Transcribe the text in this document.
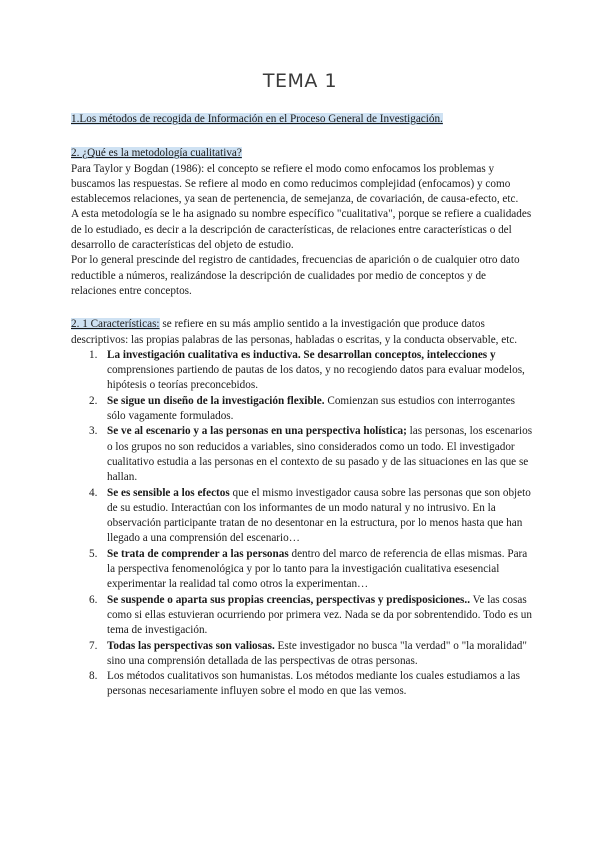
TEMA 1

1.Los métodos de recogida de Información en el Proceso General de Investigación.

2. ¿Qué es la metodología cualitativa?

Para Taylor y Bogdan (1986): el concepto se refiere el modo como enfocamos los problemas y buscamos las respuestas. Se refiere al modo en como reducimos complejidad (enfocamos) y como establecemos relaciones, ya sean de pertenencia, de semejanza, de covariación, de causa-efecto, etc.

A esta metodología se le ha asignado su nombre específico "cualitativa", porque se refiere a cualidades de lo estudiado, es decir a la descripción de características, de relaciones entre características o del desarrollo de características del objeto de estudio.

Por lo general prescinde del registro de cantidades, frecuencias de aparición o de cualquier otro dato reductible a números, realizándose la descripción de cualidades por medio de conceptos y de relaciones entre conceptos.

2. 1 Características: se refiere en su más amplio sentido a la investigación que produce datos descriptivos: las propias palabras de las personas, habladas o escritas, y la conducta observable, etc.

1. La investigación cualitativa es inductiva. Se desarrollan conceptos, intelecciones y comprensiones partiendo de pautas de los datos, y no recogiendo datos para evaluar modelos, hipótesis o teorías preconcebidos.
2. Se sigue un diseño de la investigación flexible. Comienzan sus estudios con interrogantes sólo vagamente formulados.
3. Se ve al escenario y a las personas en una perspectiva holística; las personas, los escenarios o los grupos no son reducidos a variables, sino considerados como un todo. El investigador cualitativo estudia a las personas en el contexto de su pasado y de las situaciones en las que se hallan.
4. Se es sensible a los efectos que el mismo investigador causa sobre las personas que son objeto de su estudio. Interactúan con los informantes de un modo natural y no intrusivo. En la observación participante tratan de no desentonar en la estructura, por lo menos hasta que han llegado a una comprensión del escenario…
5. Se trata de comprender a las personas dentro del marco de referencia de ellas mismas. Para la perspectiva fenomenológica y por lo tanto para la investigación cualitativa esesencial experimentar la realidad tal como otros la experimentan…
6. Se suspende o aparta sus propias creencias, perspectivas y predisposiciones.. Ve las cosas como si ellas estuvieran ocurriendo por primera vez. Nada se da por sobrentendido. Todo es un tema de investigación.
7. Todas las perspectivas son valiosas. Este investigador no busca "la verdad" o "la moralidad" sino una comprensión detallada de las perspectivas de otras personas.
8. Los métodos cualitativos son humanistas. Los métodos mediante los cuales estudiamos a las personas necesariamente influyen sobre el modo en que las vemos.
